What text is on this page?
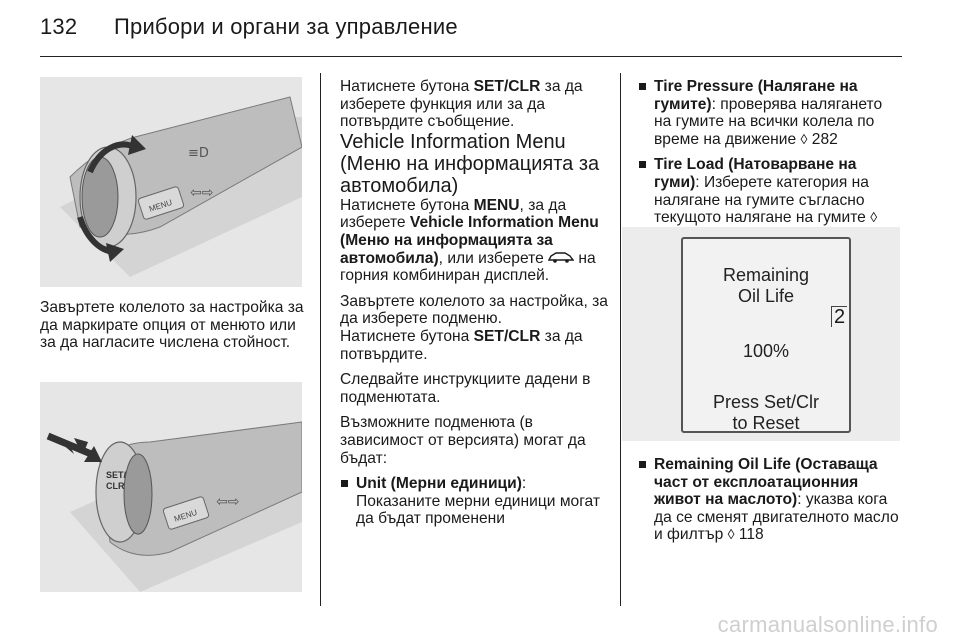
132 Прибори и органи за управление
MENU
⇦⇨
≡D

Завъртете колелото за настройка за да маркирате опция от менюто или за да нагласите числена стойност.

SET/
CLR
MENU
⇦⇨

Натиснете бутона SET/CLR за да изберете функция или за да потвърдите съобщение.

Vehicle Information Menu (Меню на информацията за автомобила)

Натиснете бутона MENU, за да изберете Vehicle Information Menu (Меню на информацията за автомобила), или изберете  на горния комбиниран дисплей.

Завъртете колелото за настройка, за да изберете подменю.

Натиснете бутона SET/CLR за да потвърдите.

Следвайте инструкциите дадени в подменютата.

Възможните подменюта (в зависимост от версията) могат да бъдат:

Unit (Мерни единици): Показаните мерни единици могат да бъдат променени
Tire Pressure (Налягане на гумите): проверява налягането на гумите на всички колела по време на движение ◊ 282
Tire Load (Натоварване на гуми): Изберете категория на налягане на гумите съгласно текущото налягане на гумите ◊
Remaining
Oil Life
100%
Press Set/Clr
to Reset
2
Remaining Oil Life (Оставаща част от експлоатационния живот на маслото): указва кога да се сменят двигателното масло и филтър ◊ 118
carmanualsonline.info
